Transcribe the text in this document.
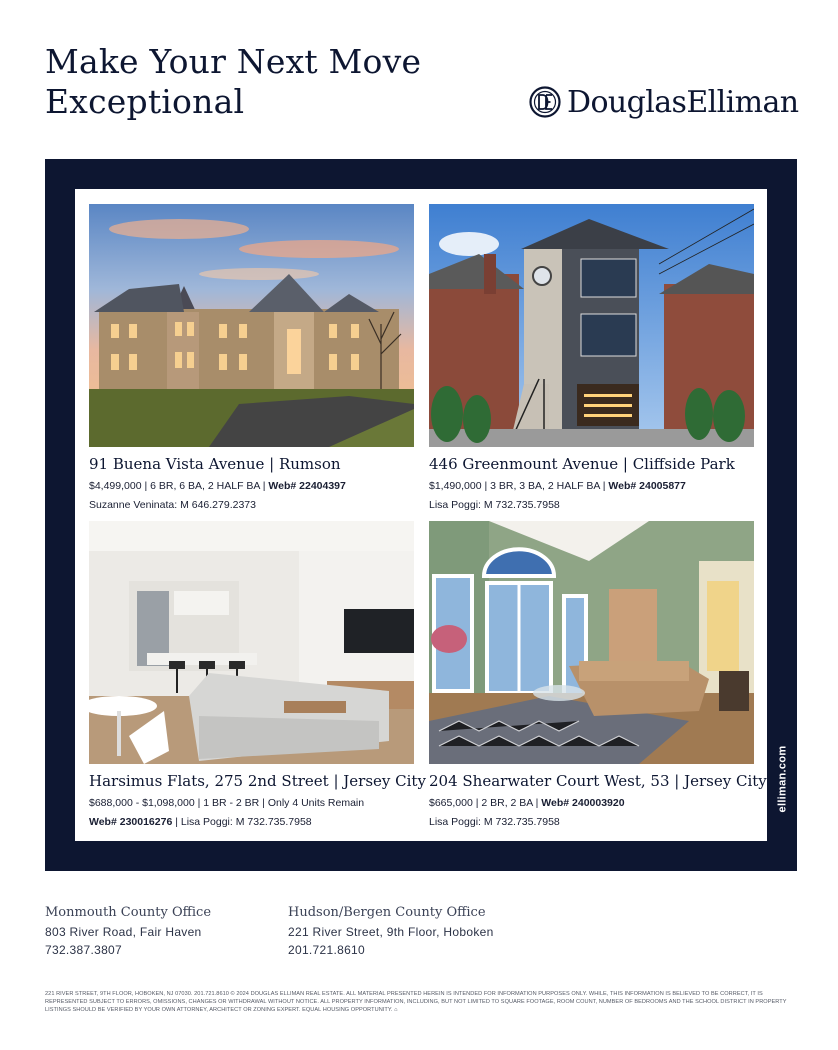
Make Your Next Move
Exceptional	DouglasElliman
91 Buena Vista Avenue | Rumson
$4,499,000 | 6 BR, 6 BA, 2 HALF BA | Web# 22404397
Suzanne Veninata: M 646.279.2373
446 Greenmount Avenue | Cliffside Park
$1,490,000 | 3 BR, 3 BA, 2 HALF BA | Web# 24005877
Lisa Poggi: M 732.735.7958
Harsimus Flats, 275 2nd Street | Jersey City
$688,000 - $1,098,000 | 1 BR - 2 BR | Only 4 Units Remain
Web# 230016276 | Lisa Poggi: M 732.735.7958
204 Shearwater Court West, 53 | Jersey City
$665,000 | 2 BR, 2 BA | Web# 240003920
Lisa Poggi: M 732.735.7958
elliman.com
Monmouth County Office
803 River Road, Fair Haven
732.387.3807
Hudson/Bergen County Office
221 River Street, 9th Floor, Hoboken
201.721.8610
221 RIVER STREET, 9TH FLOOR, HOBOKEN, NJ 07030. 201.721.8610 © 2024 DOUGLAS ELLIMAN REAL ESTATE. ALL MATERIAL PRESENTED HEREIN IS INTENDED FOR INFORMATION PURPOSES ONLY. WHILE, THIS INFORMATION IS BELIEVED TO BE CORRECT, IT IS REPRESENTED SUBJECT TO ERRORS, OMISSIONS, CHANGES OR WITHDRAWAL WITHOUT NOTICE. ALL PROPERTY INFORMATION, INCLUDING, BUT NOT LIMITED TO SQUARE FOOTAGE, ROOM COUNT, NUMBER OF BEDROOMS AND THE SCHOOL DISTRICT IN PROPERTY LISTINGS SHOULD BE VERIFIED BY YOUR OWN ATTORNEY, ARCHITECT OR ZONING EXPERT. EQUAL HOUSING OPPORTUNITY. ⌂
